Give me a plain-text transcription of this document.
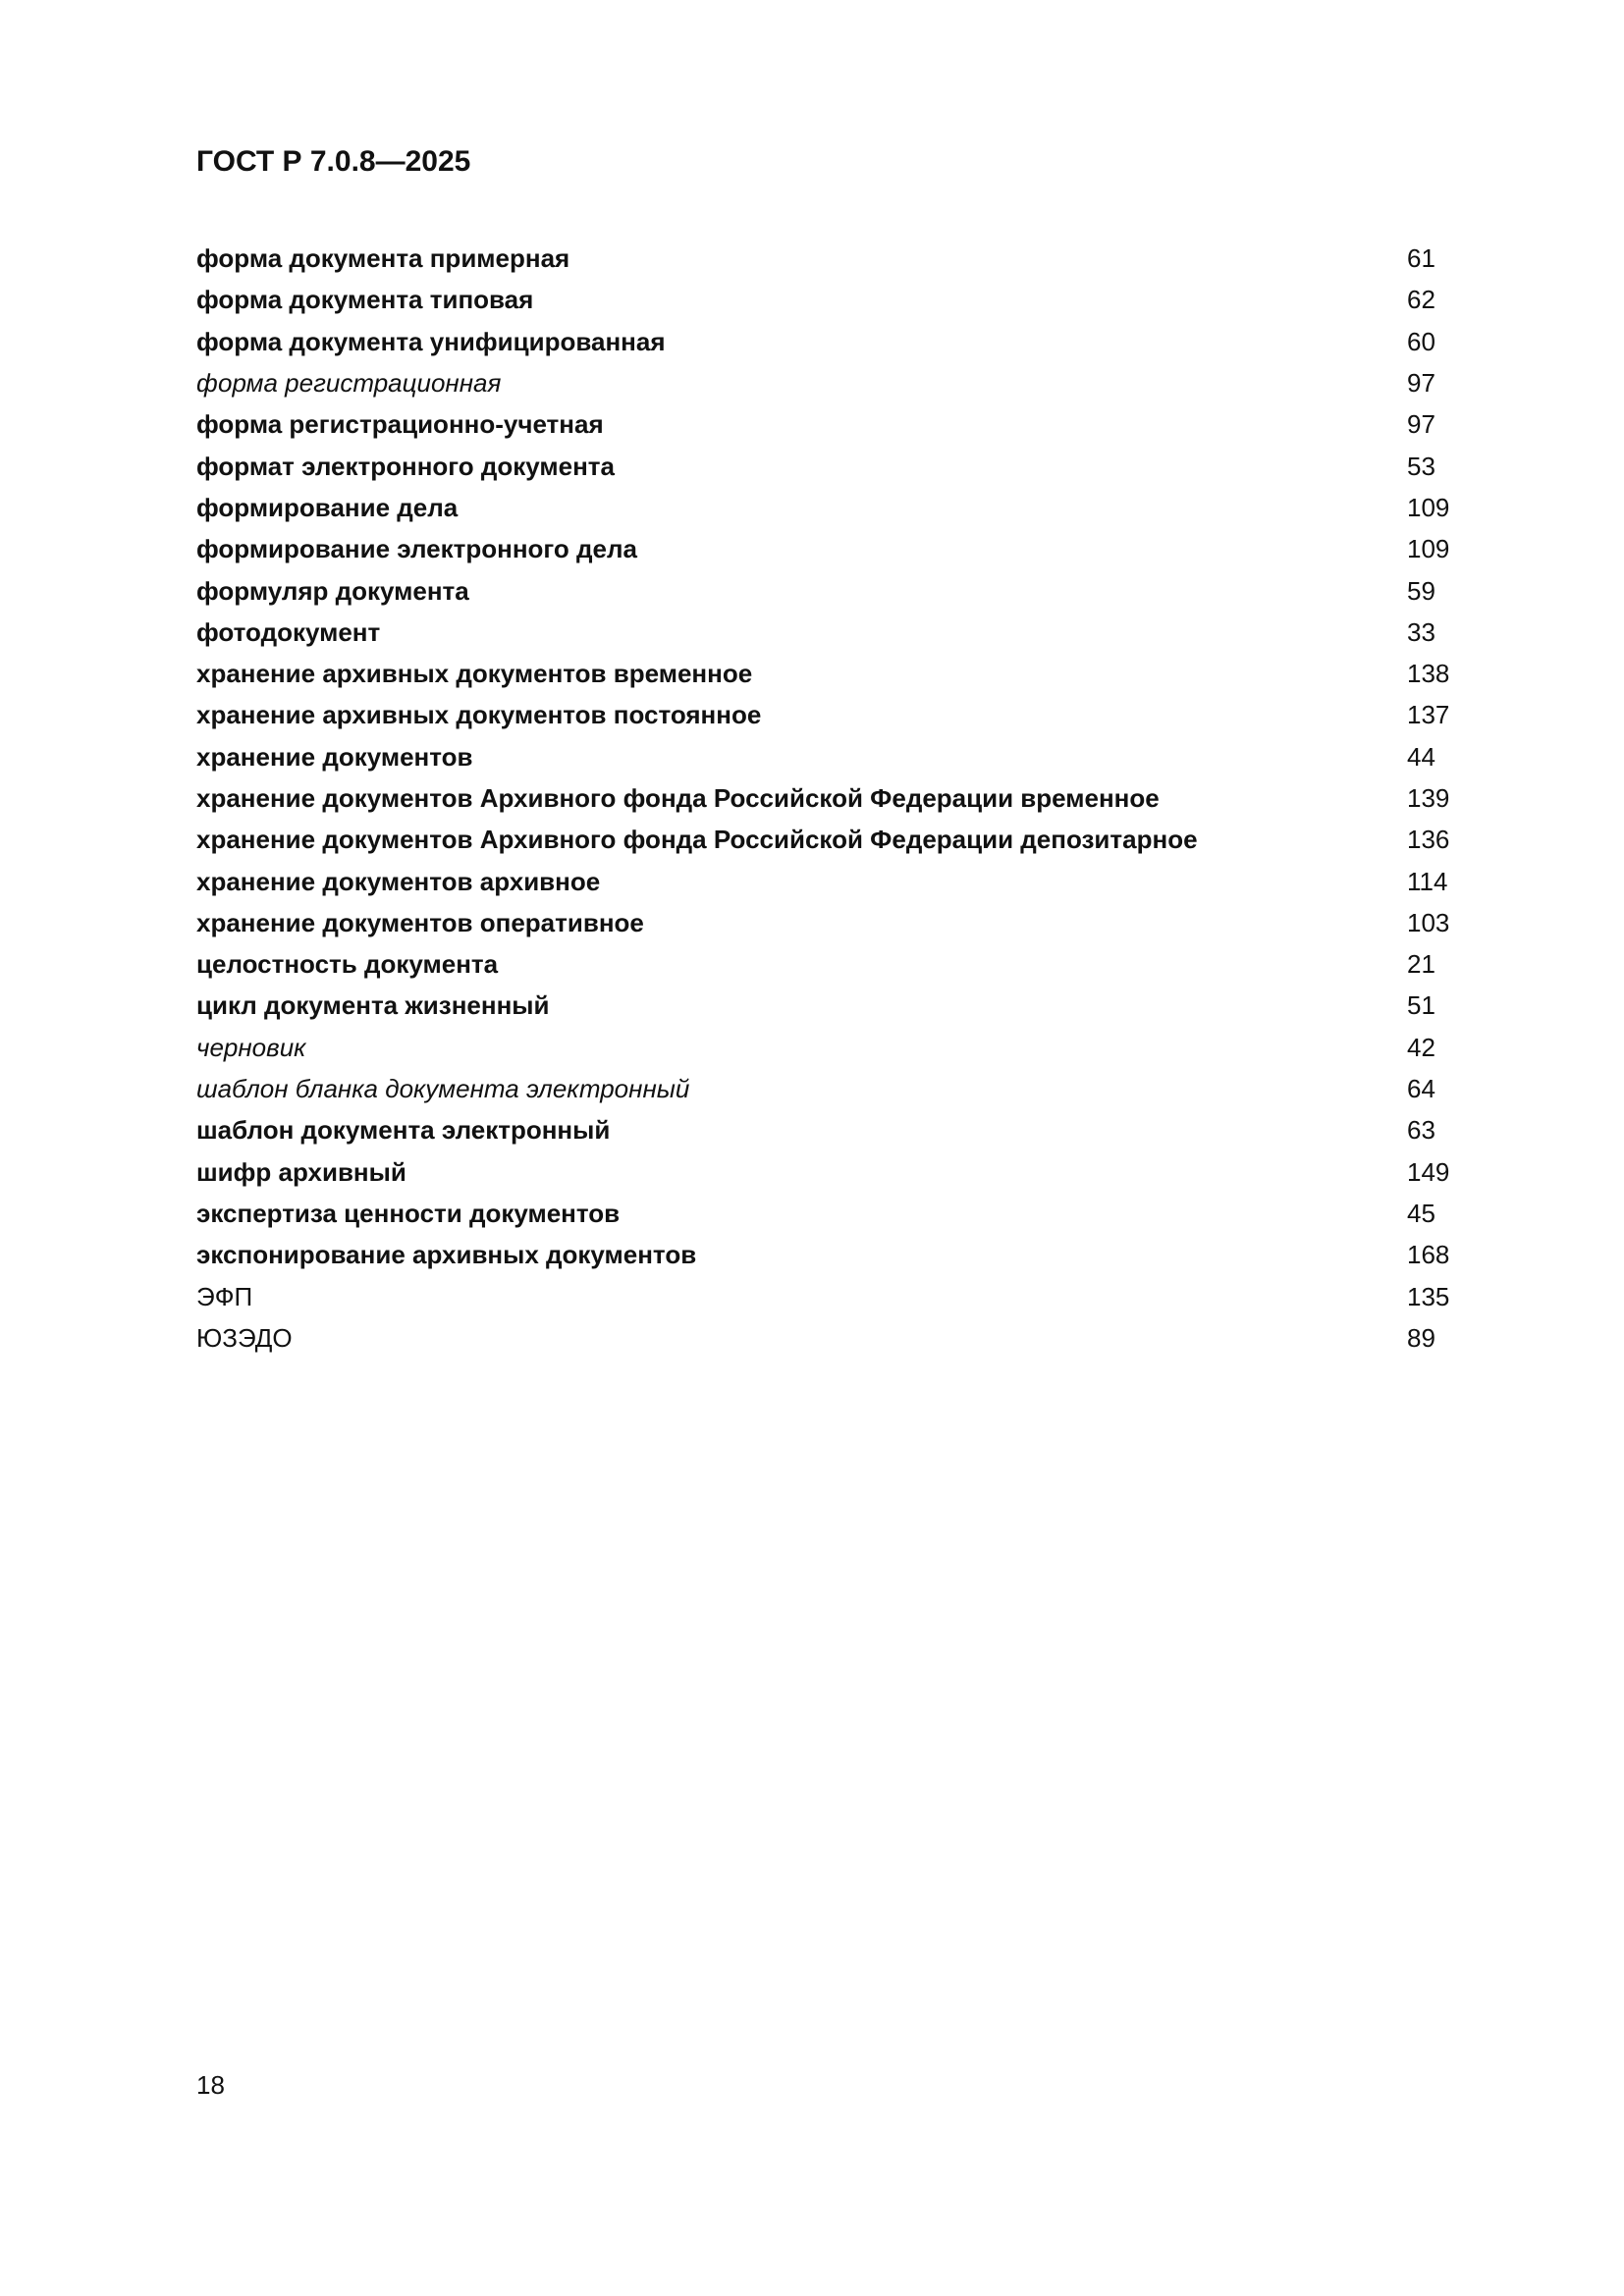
ГОСТ Р 7.0.8—2025
форма документа примерная	61
форма документа типовая	62
форма документа унифицированная	60
форма регистрационная	97
форма регистрационно-учетная	97
формат электронного документа	53
формирование дела	109
формирование электронного дела	109
формуляр документа	59
фотодокумент	33
хранение архивных документов временное	138
хранение архивных документов постоянное	137
хранение документов	44
хранение документов Архивного фонда Российской Федерации временное	139
хранение документов Архивного фонда Российской Федерации депозитарное	136
хранение документов архивное	114
хранение документов оперативное	103
целостность документа	21
цикл документа жизненный	51
черновик	42
шаблон бланка документа электронный	64
шаблон документа электронный	63
шифр архивный	149
экспертиза ценности документов	45
экспонирование архивных документов	168
ЭФП	135
ЮЗЭДО	89
18
